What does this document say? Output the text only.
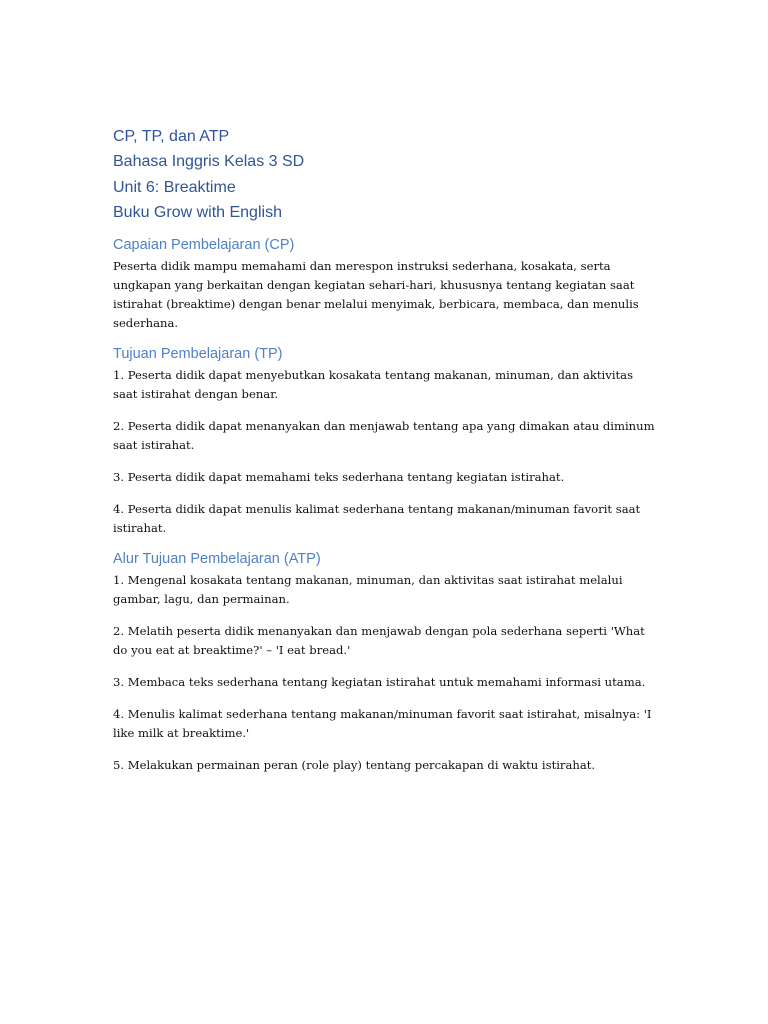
CP, TP, dan ATP

Bahasa Inggris Kelas 3 SD

Unit 6: Breaktime

Buku Grow with English

Capaian Pembelajaran (CP)

Peserta didik mampu memahami dan merespon instruksi sederhana, kosakata, serta ungkapan yang berkaitan dengan kegiatan sehari-hari, khususnya tentang kegiatan saat istirahat (breaktime) dengan benar melalui menyimak, berbicara, membaca, dan menulis sederhana.

Tujuan Pembelajaran (TP)

1. Peserta didik dapat menyebutkan kosakata tentang makanan, minuman, dan aktivitas saat istirahat dengan benar.

2. Peserta didik dapat menanyakan dan menjawab tentang apa yang dimakan atau diminum saat istirahat.

3. Peserta didik dapat memahami teks sederhana tentang kegiatan istirahat.

4. Peserta didik dapat menulis kalimat sederhana tentang makanan/minuman favorit saat istirahat.

Alur Tujuan Pembelajaran (ATP)

1. Mengenal kosakata tentang makanan, minuman, dan aktivitas saat istirahat melalui gambar, lagu, dan permainan.

2. Melatih peserta didik menanyakan dan menjawab dengan pola sederhana seperti 'What do you eat at breaktime?' – 'I eat bread.'

3. Membaca teks sederhana tentang kegiatan istirahat untuk memahami informasi utama.

4. Menulis kalimat sederhana tentang makanan/minuman favorit saat istirahat, misalnya: 'I like milk at breaktime.'

5. Melakukan permainan peran (role play) tentang percakapan di waktu istirahat.
